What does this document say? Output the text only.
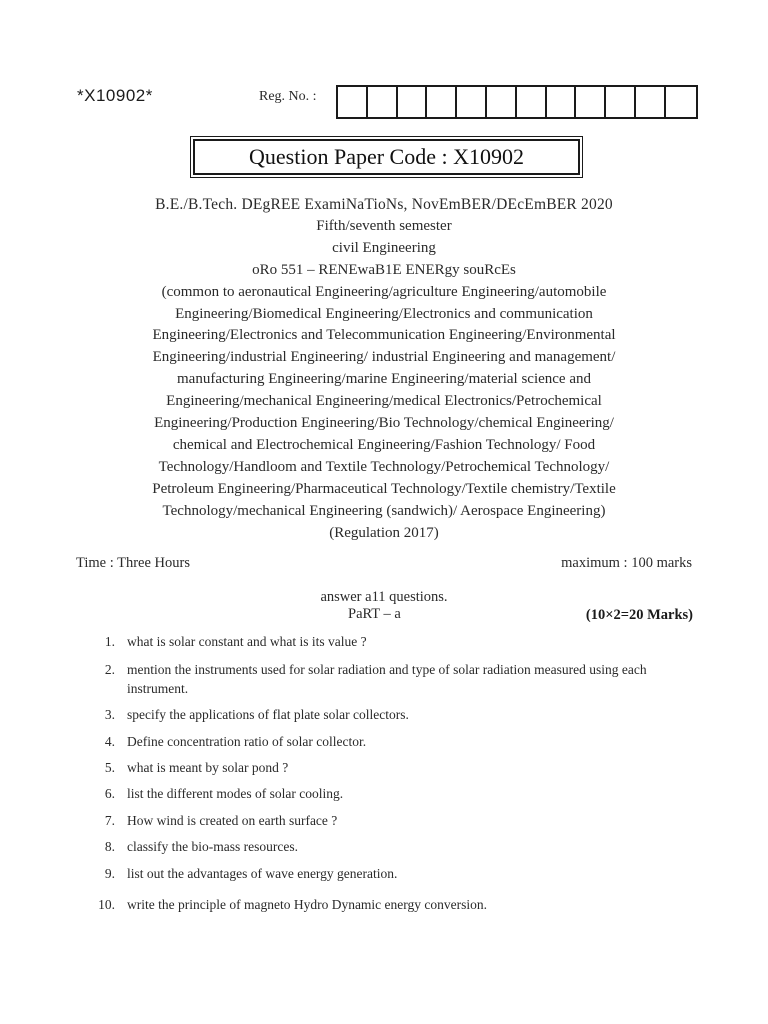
*X10902*	Reg. No. :
Question Paper Code : X10902
B.E./B.Tech. DEgREE ExamiNaTioNs, NovEmBER/DEcEmBER 2020
Fifth/seventh semester
civil Engineering
oRo 551 – RENEwaB1E ENERgy souRcEs
(common to aeronautical Engineering/agriculture Engineering/automobile
Engineering/Biomedical Engineering/Electronics and communication
Engineering/Electronics and Telecommunication Engineering/Environmental
Engineering/industrial Engineering/ industrial Engineering and management/
manufacturing Engineering/marine Engineering/material science and
Engineering/mechanical Engineering/medical Electronics/Petrochemical
Engineering/Production Engineering/Bio Technology/chemical Engineering/
chemical and Electrochemical Engineering/Fashion Technology/ Food
Technology/Handloom and Textile Technology/Petrochemical Technology/
Petroleum Engineering/Pharmaceutical Technology/Textile chemistry/Textile
Technology/mechanical Engineering (sandwich)/ Aerospace Engineering)
(Regulation 2017)
Time : Three Hours	maximum : 100 marks
answer a11 questions.
PaRT – a	(10×2=20 Marks)
1. what is solar constant and what is its value ?
2. mention the instruments used for solar radiation and type of solar radiation measured using each instrument.
3. specify the applications of flat plate solar collectors.
4. Define concentration ratio of solar collector.
5. what is meant by solar pond ?
6. list the different modes of solar cooling.
7. How wind is created on earth surface ?
8. classify the bio-mass resources.
9. list out the advantages of wave energy generation.
10. write the principle of magneto Hydro Dynamic energy conversion.
